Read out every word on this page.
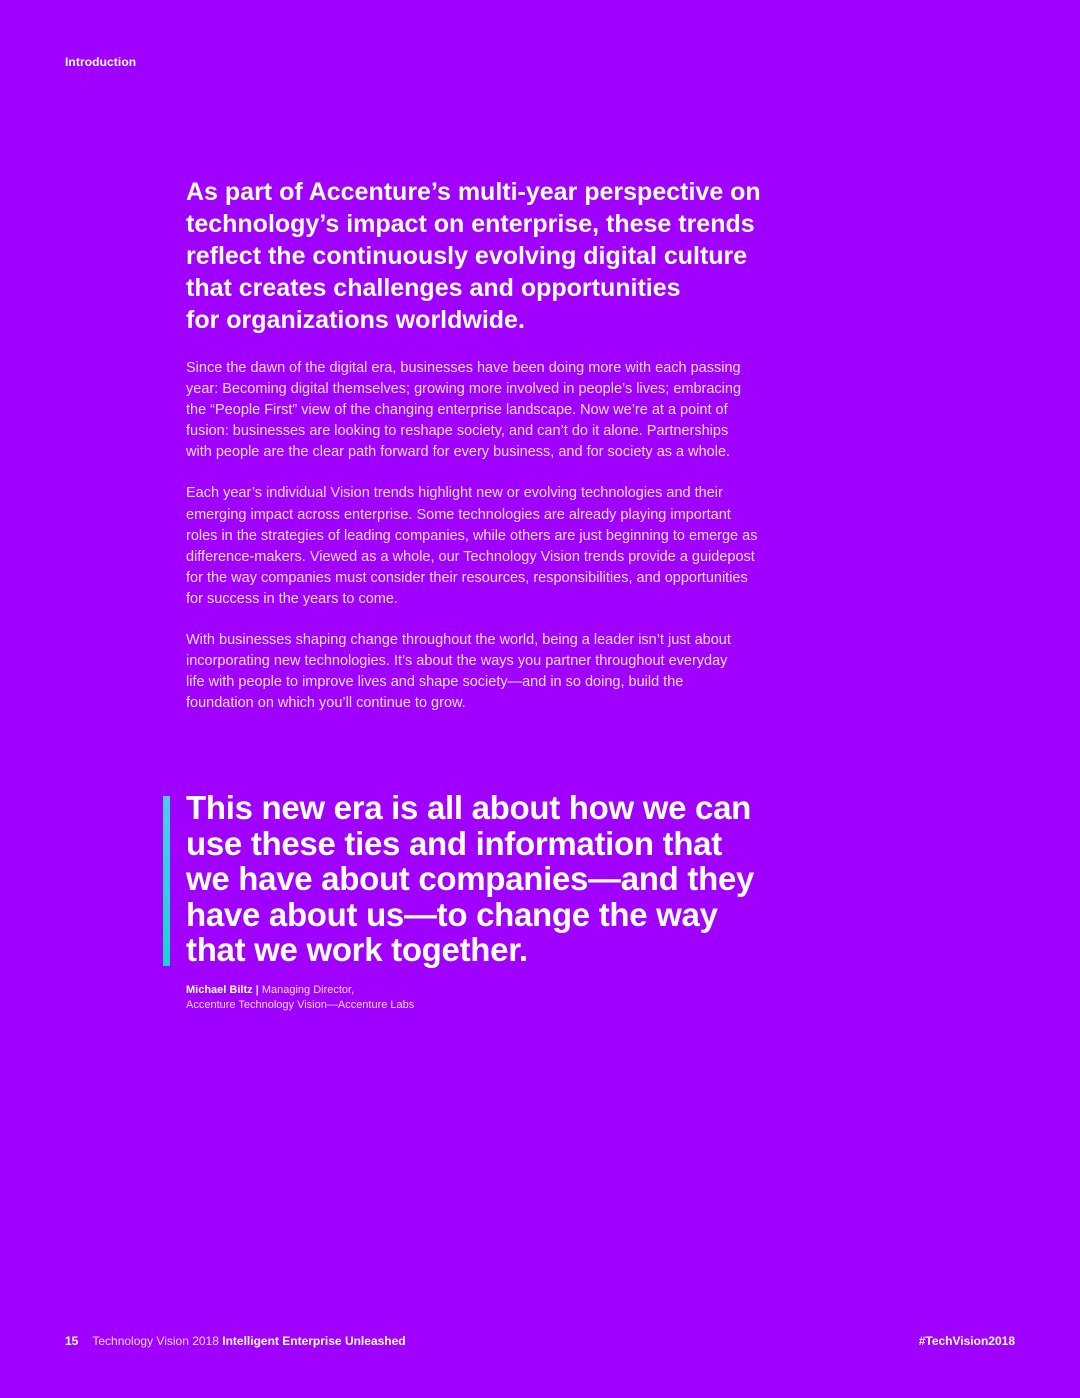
Introduction
As part of Accenture’s multi-year perspective on
technology’s impact on enterprise, these trends
reflect the continuously evolving digital culture
that creates challenges and opportunities
for organizations worldwide.

Since the dawn of the digital era, businesses have been doing more with each passing
year: Becoming digital themselves; growing more involved in people’s lives; embracing
the “People First” view of the changing enterprise landscape. Now we’re at a point of
fusion: businesses are looking to reshape society, and can’t do it alone. Partnerships
with people are the clear path forward for every business, and for society as a whole.

Each year’s individual Vision trends highlight new or evolving technologies and their
emerging impact across enterprise. Some technologies are already playing important
roles in the strategies of leading companies, while others are just beginning to emerge as
difference-makers. Viewed as a whole, our Technology Vision trends provide a guidepost
for the way companies must consider their resources, responsibilities, and opportunities
for success in the years to come.

With businesses shaping change throughout the world, being a leader isn’t just about
incorporating new technologies. It’s about the ways you partner throughout everyday
life with people to improve lives and shape society—and in so doing, build the
foundation on which you’ll continue to grow.

This new era is all about how we can
use these ties and information that
we have about companies—and they
have about us—to change the way
that we work together.
Michael Biltz | Managing Director,
Accenture Technology Vision—Accenture Labs
15 Technology Vision 2018 Intelligent Enterprise Unleashed	#TechVision2018
